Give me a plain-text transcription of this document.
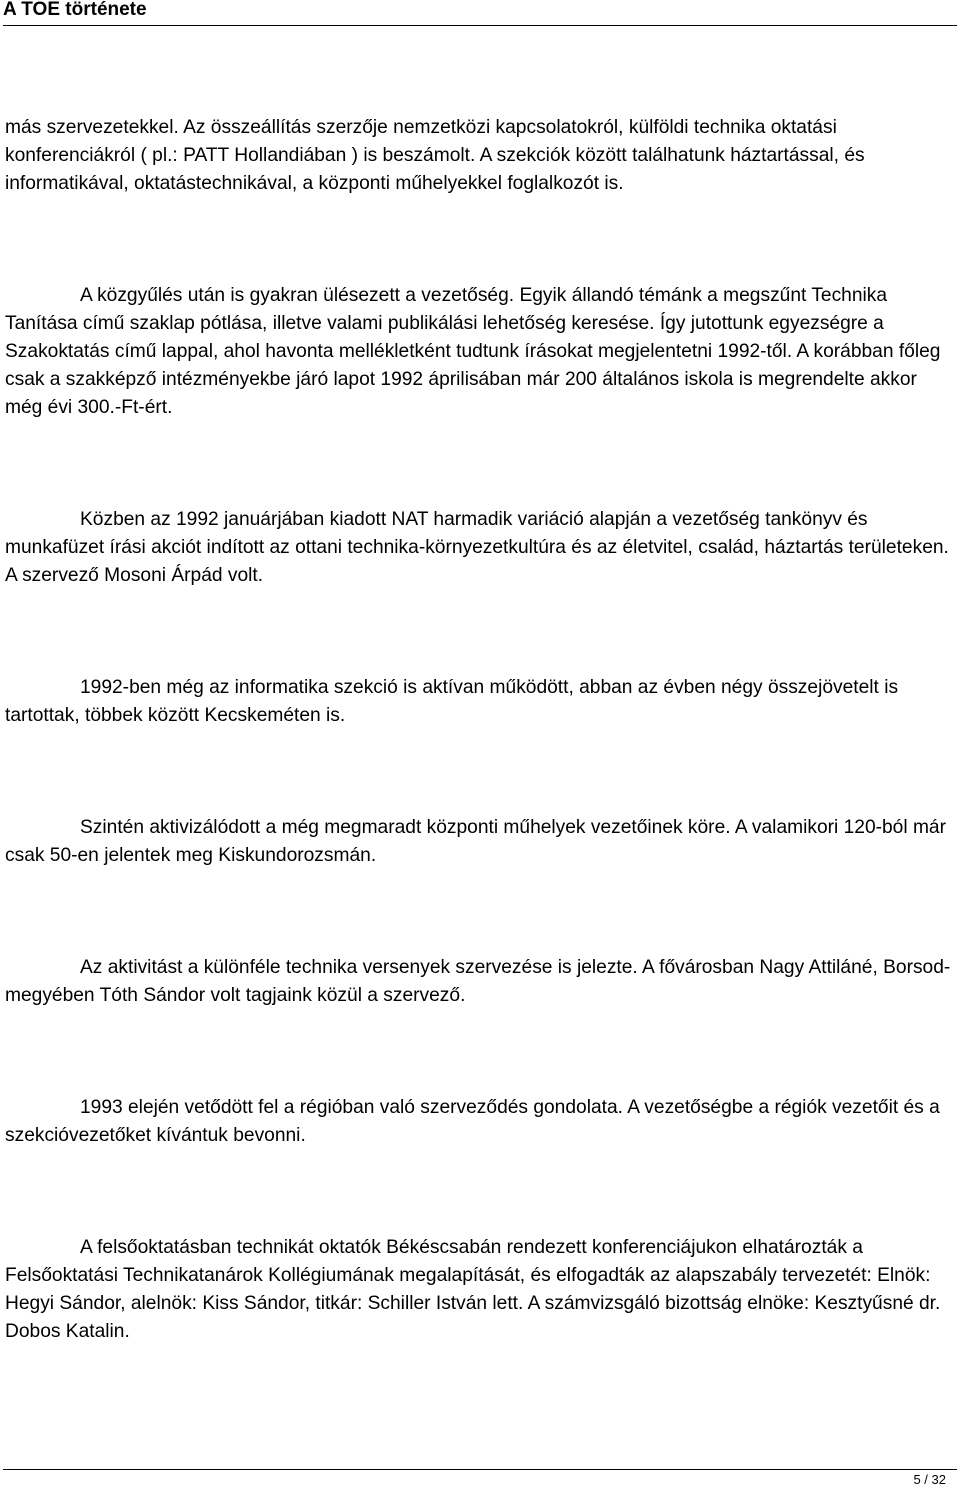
A TOE története

más szervezetekkel. Az összeállítás szerzője nemzetközi kapcsolatokról, külföldi technika oktatási konferenciákról ( pl.: PATT Hollandiában ) is beszámolt. A szekciók között találhatunk háztartással, és informatikával, oktatástechnikával, a központi műhelyekkel foglalkozót is.

A közgyűlés után is gyakran ülésezett a vezetőség. Egyik állandó témánk a megszűnt Technika Tanítása című szaklap pótlása, illetve valami publikálási lehetőség keresése. Így jutottunk egyezségre a Szakoktatás című lappal, ahol havonta mellékletként tudtunk írásokat megjelentetni 1992-től. A korábban főleg csak a szakképző intézményekbe járó lapot 1992 áprilisában már 200 általános iskola is megrendelte akkor még évi 300.-Ft-ért.

Közben az 1992 januárjában kiadott NAT harmadik variáció alapján a vezetőség tankönyv és munkafüzet írási akciót indított az ottani technika-környezetkultúra és az életvitel, család, háztartás területeken. A szervező Mosoni Árpád volt.

1992-ben még az informatika szekció is aktívan működött, abban az évben négy összejövetelt is tartottak, többek között Kecskeméten is.

Szintén aktivizálódott a még megmaradt központi műhelyek vezetőinek köre. A valamikori 120-ból már csak 50-en jelentek meg Kiskundorozsmán.

Az aktivitást a különféle technika versenyek szervezése is jelezte. A fővárosban Nagy Attiláné, Borsod-megyében Tóth Sándor volt tagjaink közül a szervező.

1993 elején vetődött fel a régióban való szerveződés gondolata. A vezetőségbe a régiók vezetőit és a szekcióvezetőket kívántuk bevonni.

A felsőoktatásban technikát oktatók Békéscsabán rendezett konferenciájukon elhatározták a Felsőoktatási Technikatanárok Kollégiumának megalapítását, és elfogadták az alapszabály tervezetét: Elnök: Hegyi Sándor, alelnök: Kiss Sándor, titkár: Schiller István lett. A számvizsgáló bizottság elnöke: Kesztyűsné dr. Dobos Katalin.

5 / 32
